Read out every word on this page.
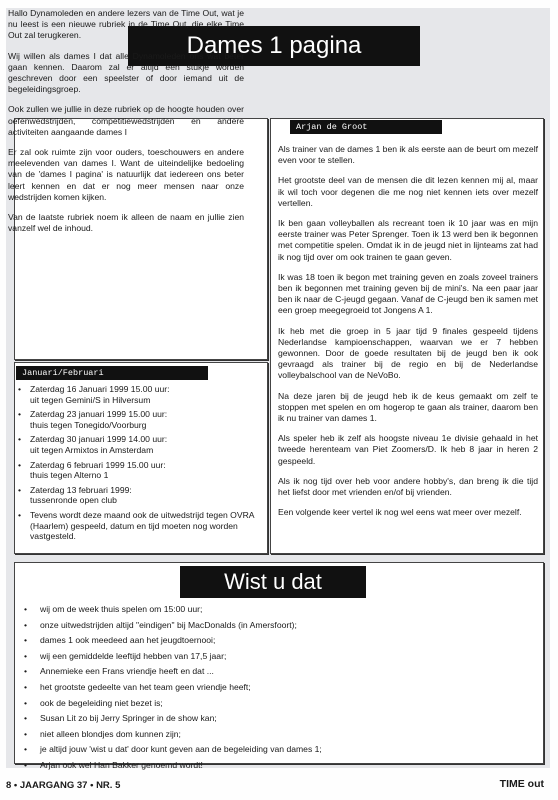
Dames 1 pagina

Hallo Dynamoleden en andere lezers van de Time Out, wat je nu leest is een nieuwe rubriek in de Time Out, die elke Time Out zal terugkeren.

Wij willen als dames I dat alle Dynamoleden ons wat beter gaan kennen. Daarom zal er altijd een stukje worden geschreven door een speelster of door iemand uit de begeleidingsgroep.

Ook zullen we jullie in deze rubriek op de hoogte houden over oefenwedstrijden, competitiewedstrijden en andere activiteiten aangaande dames I

Er zal ook ruimte zijn voor ouders, toeschouwers en andere meelevenden van dames I. Want de uiteindelijke bedoeling van de 'dames I pagina' is natuurlijk dat iedereen ons beter leert kennen en dat er nog meer mensen naar onze wedstrijden komen kijken.

Van de laatste rubriek noem ik alleen de naam en jullie zien vanzelf wel de inhoud.

Januari/Februari
• Zaterdag 16 Januari 1999 15.00 uur:
uit tegen Gemini/S in Hilversum
• Zaterdag 23 januari 1999 15.00 uur:
thuis tegen Tonegido/Voorburg
• Zaterdag 30 januari 1999 14.00 uur:
uit tegen Armixtos in Amsterdam
• Zaterdag 6 februari 1999 15.00 uur:
thuis tegen Alterno 1
• Zaterdag 13 februari 1999:
tussenronde open club
• Tevens wordt deze maand ook de uitwedstrijd tegen OVRA (Haarlem) gespeeld, datum en tijd moeten nog worden vastgesteld.
Arjan de Groot

Als trainer van de dames 1 ben ik als eerste aan de beurt om mezelf even voor te stellen.

Het grootste deel van de mensen die dit lezen kennen mij al, maar ik wil toch voor degenen die me nog niet kennen iets over mezelf vertellen.

Ik ben gaan volleyballen als recreant toen ik 10 jaar was en mijn eerste trainer was Peter Sprenger. Toen ik 13 werd ben ik begonnen met competitie spelen. Omdat ik in de jeugd niet in lijnteams zat had ik nog tijd over om ook trainen te gaan geven.

Ik was 18 toen ik begon met training geven en zoals zoveel trainers ben ik begonnen met training geven bij de mini's. Na een paar jaar ben ik naar de C-jeugd gegaan. Vanaf de C-jeugd ben ik samen met een groep meegegroeid tot Jongens A 1.

Ik heb met die groep in 5 jaar tijd 9 finales gespeeld tijdens Nederlandse kampioenschappen, waarvan we er 7 hebben gewonnen. Door de goede resultaten bij de jeugd ben ik ook gevraagd als trainer bij de regio en bij de Nederlandse volleybalschool van de NeVoBo.

Na deze jaren bij de jeugd heb ik de keus gemaakt om zelf te stoppen met spelen en om hogerop te gaan als trainer, daarom ben ik nu trainer van dames 1.

Als speler heb ik zelf als hoogste niveau 1e divisie gehaald in het tweede herenteam van Piet Zoomers/D. Ik heb 8 jaar in heren 2 gespeeld.

Als ik nog tijd over heb voor andere hobby's, dan breng ik die tijd het liefst door met vrienden en/of bij vrienden.

Een volgende keer vertel ik nog wel eens wat meer over mezelf.

Wist u dat
• wij om de week thuis spelen om 15:00 uur;
• onze uitwedstrijden altijd "eindigen" bij MacDonalds (in Amersfoort);
• dames 1 ook meedeed aan het jeugdtoernooi;
• wij een gemiddelde leeftijd hebben van 17,5 jaar;
• Annemieke een Frans vriendje heeft en dat ...
• het grootste gedeelte van het team geen vriendje heeft;
• ook de begeleiding niet bezet is;
• Susan Lit zo bij Jerry Springer in de show kan;
• niet alleen blondjes dom kunnen zijn;
• je altijd jouw 'wist u dat' door kunt geven aan de begeleiding van dames 1;
• Arjan ook wel Han Bakker genoemd wordt!
8 • JAARGANG 37 • NR. 5	TIME out
